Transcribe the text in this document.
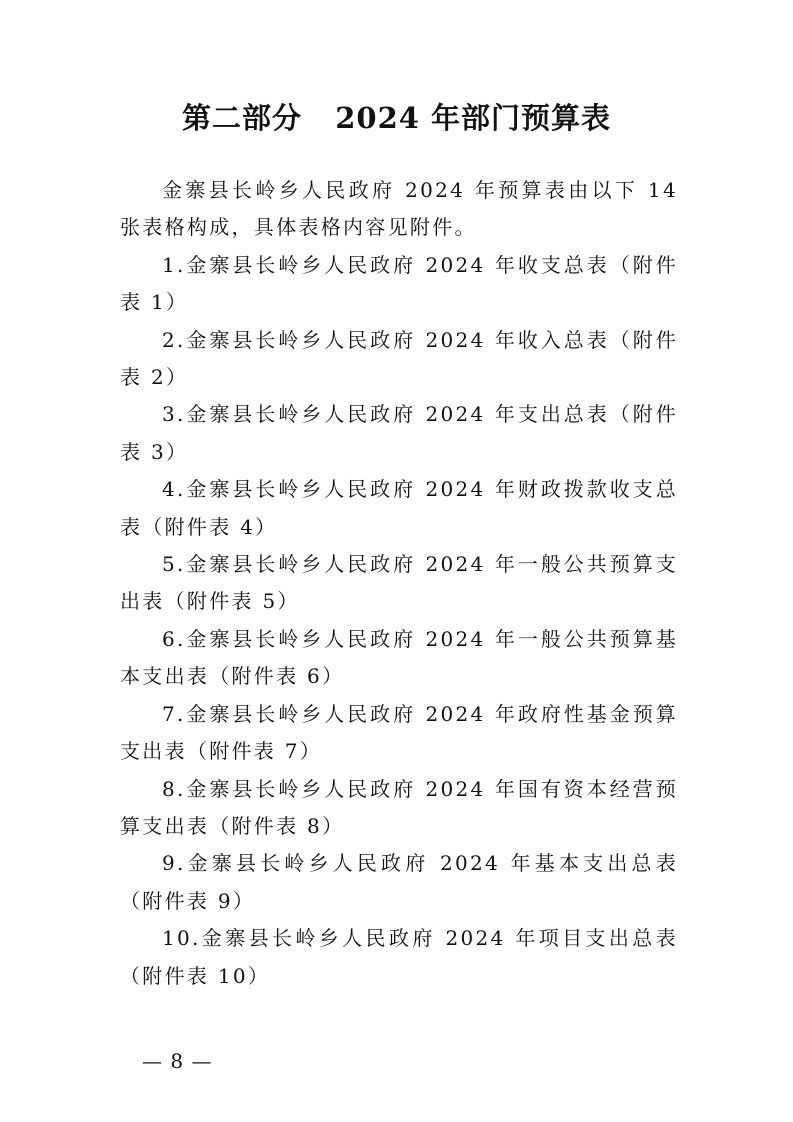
第二部分   2024 年部门预算表

金寨县长岭乡人民政府 2024 年预算表由以下 14 张表格构成，具体表格内容见附件。

1.金寨县长岭乡人民政府 2024 年收支总表（附件表 1）

2.金寨县长岭乡人民政府 2024 年收入总表（附件表 2）

3.金寨县长岭乡人民政府 2024 年支出总表（附件表 3）

4.金寨县长岭乡人民政府 2024 年财政拨款收支总表（附件表 4）

5.金寨县长岭乡人民政府 2024 年一般公共预算支出表（附件表 5）

6.金寨县长岭乡人民政府 2024 年一般公共预算基本支出表（附件表 6）

7.金寨县长岭乡人民政府 2024 年政府性基金预算支出表（附件表 7）

8.金寨县长岭乡人民政府 2024 年国有资本经营预算支出表（附件表 8）

9.金寨县长岭乡人民政府 2024 年基本支出总表（附件表 9）

10.金寨县长岭乡人民政府 2024 年项目支出总表（附件表 10）

— 8 —
